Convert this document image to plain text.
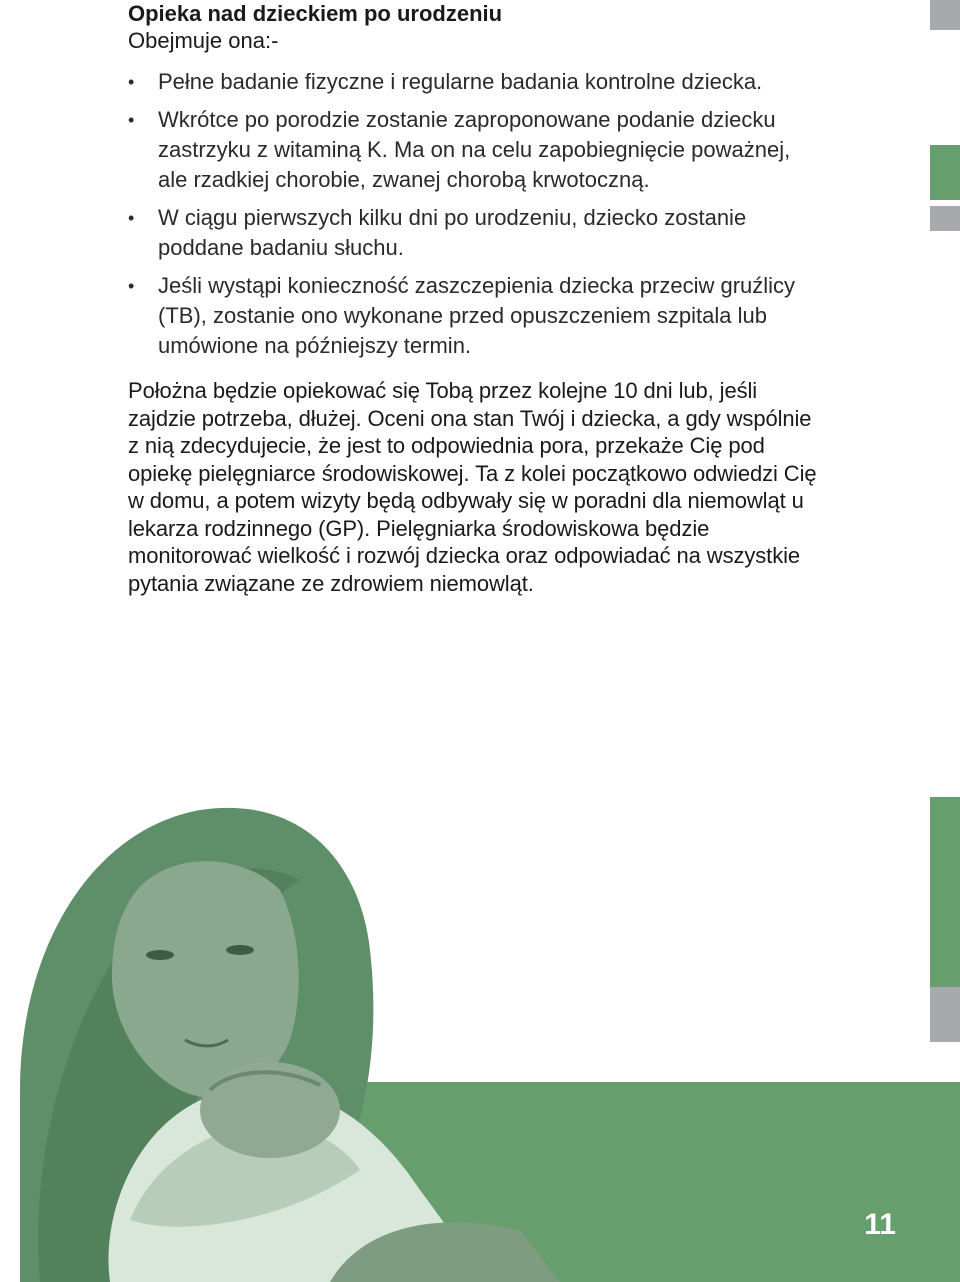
Opieka nad dzieckiem po urodzeniu
Obejmuje ona:-
• Pełne badanie fizyczne i regularne badania kontrolne dziecka.
• Wkrótce po porodzie zostanie zaproponowane podanie dziecku zastrzyku z witaminą K. Ma on na celu zapobiegnięcie poważnej, ale rzadkiej chorobie, zwanej chorobą krwotoczną.
• W ciągu pierwszych kilku dni po urodzeniu, dziecko zostanie poddane badaniu słuchu.
• Jeśli wystąpi konieczność zaszczepienia dziecka przeciw gruźlicy (TB), zostanie ono wykonane przed opuszczeniem szpitala lub umówione na późniejszy termin.
Położna będzie opiekować się Tobą przez kolejne 10 dni lub, jeśli zajdzie potrzeba, dłużej. Oceni ona stan Twój i dziecka, a gdy wspólnie z nią zdecydujecie, że jest to odpowiednia pora, przekaże Cię pod opiekę pielęgniarce środowiskowej. Ta z kolei początkowo odwiedzi Cię w domu, a potem wizyty będą odbywały się w poradni dla niemowląt u lekarza rodzinnego (GP). Pielęgniarka środowiskowa będzie monitorować wielkość i rozwój dziecka oraz odpowiadać na wszystkie pytania związane ze zdrowiem niemowląt.
11
